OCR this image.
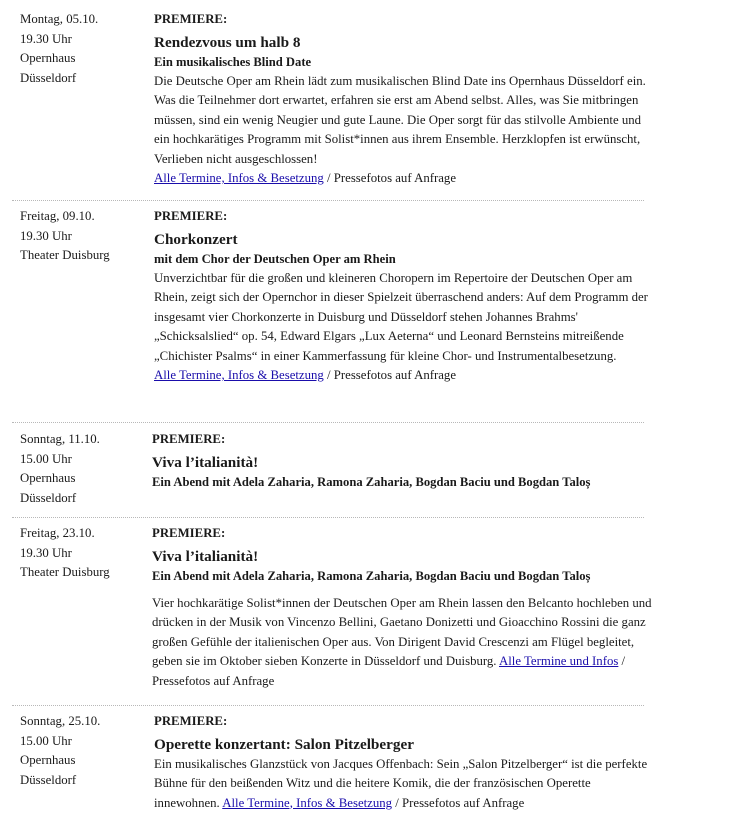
Montag, 05.10.
19.30 Uhr
Opernhaus
Düsseldorf
PREMIERE:
Rendezvous um halb 8
Ein musikalisches Blind Date

Die Deutsche Oper am Rhein lädt zum musikalischen Blind Date ins Opernhaus Düsseldorf ein. Was die Teilnehmer dort erwartet, erfahren sie erst am Abend selbst. Alles, was Sie mitbringen müssen, sind ein wenig Neugier und gute Laune. Die Oper sorgt für das stilvolle Ambiente und ein hochkarätiges Programm mit Solist*innen aus ihrem Ensemble. Herzklopfen ist erwünscht, Verlieben nicht ausgeschlossen!

Alle Termine, Infos & Besetzung / Pressefotos auf Anfrage
Freitag, 09.10.
19.30 Uhr
Theater Duisburg
PREMIERE:
Chorkonzert
mit dem Chor der Deutschen Oper am Rhein

Unverzichtbar für die großen und kleineren Choropern im Repertoire der Deutschen Oper am Rhein, zeigt sich der Opernchor in dieser Spielzeit überraschend anders: Auf dem Programm der insgesamt vier Chorkonzerte in Duisburg und Düsseldorf stehen Johannes Brahms' „Schicksalslied“ op. 54, Edward Elgars „Lux Aeterna“ und Leonard Bernsteins mitreißende „Chichister Psalms“ in einer Kammerfassung für kleine Chor- und Instrumentalbesetzung.

Alle Termine, Infos & Besetzung / Pressefotos auf Anfrage
Sonntag, 11.10.
15.00 Uhr
Opernhaus
Düsseldorf
PREMIERE:
Viva l’italianità!
Ein Abend mit Adela Zaharia, Ramona Zaharia, Bogdan Baciu und Bogdan Taloș
Freitag, 23.10.
19.30 Uhr
Theater Duisburg
PREMIERE:
Viva l’italianità!
Ein Abend mit Adela Zaharia, Ramona Zaharia, Bogdan Baciu und Bogdan Taloș

Vier hochkarätige Solist*innen der Deutschen Oper am Rhein lassen den Belcanto hochleben und drücken in der Musik von Vincenzo Bellini, Gaetano Donizetti und Gioacchino Rossini die ganz großen Gefühle der italienischen Oper aus. Von Dirigent David Crescenzi am Flügel begleitet, geben sie im Oktober sieben Konzerte in Düsseldorf und Duisburg. Alle Termine und Infos / Pressefotos auf Anfrage

Sonntag, 25.10.
15.00 Uhr
Opernhaus
Düsseldorf
PREMIERE:
Operette konzertant: Salon Pitzelberger

Ein musikalisches Glanzstück von Jacques Offenbach: Sein „Salon Pitzelberger“ ist die perfekte Bühne für den beißenden Witz und die heitere Komik, die der französischen Operette innewohnen. Alle Termine, Infos & Besetzung / Pressefotos auf Anfrage
